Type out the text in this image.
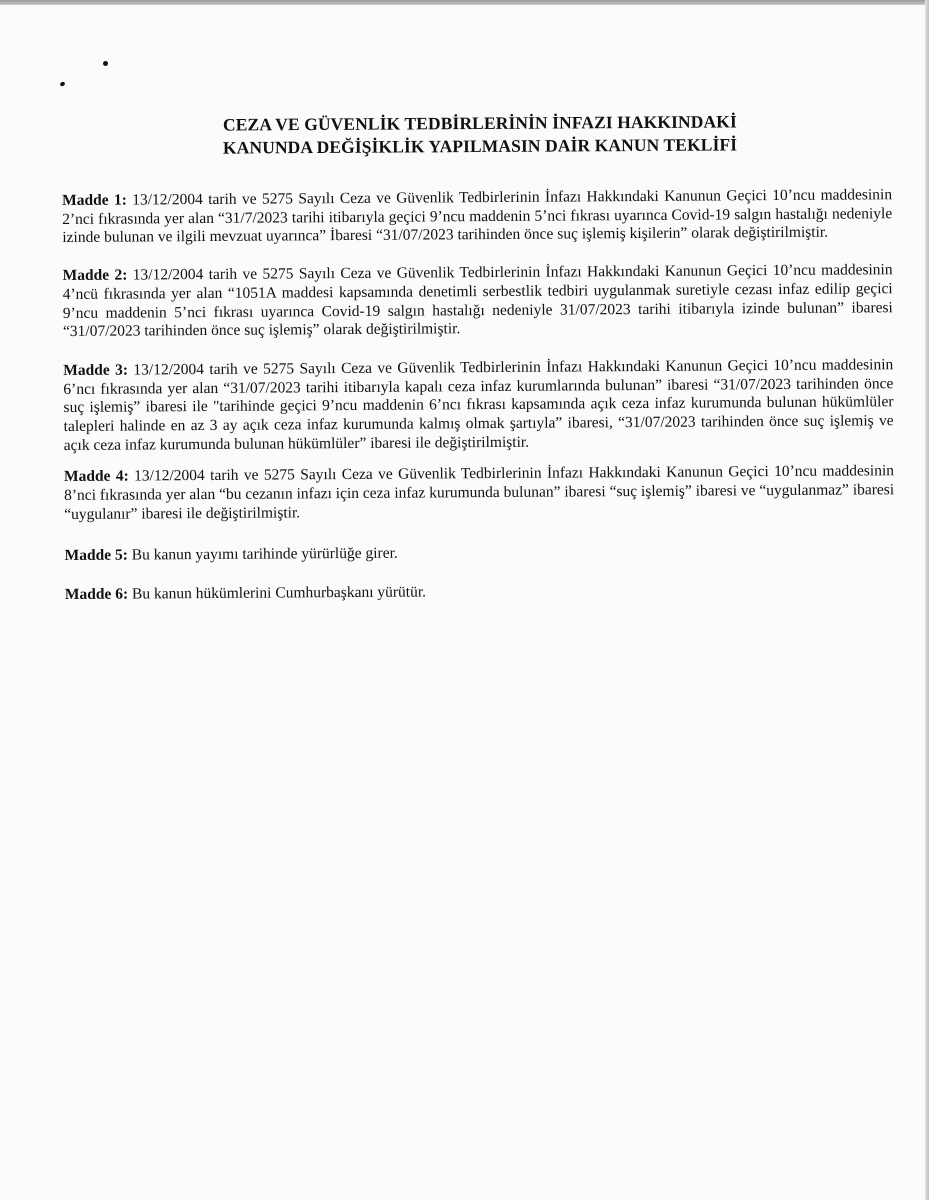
CEZA VE GÜVENLİK TEDBİRLERİNİN İNFAZI HAKKINDAKİ
KANUNDA DEĞİŞİKLİK YAPILMASIN DAİR KANUN TEKLİFİ

Madde 1: 13/12/2004 tarih ve 5275 Sayılı Ceza ve Güvenlik Tedbirlerinin İnfazı Hakkındaki Kanunun Geçici 10’ncu maddesinin 2’nci fıkrasında yer alan “31/7/2023 tarihi itibarıyla geçici 9’ncu maddenin 5’nci fıkrası uyarınca Covid-19 salgın hastalığı nedeniyle izinde bulunan ve ilgili mevzuat uyarınca” İbaresi “31/07/2023 tarihinden önce suç işlemiş kişilerin” olarak değiştirilmiştir.

Madde 2: 13/12/2004 tarih ve 5275 Sayılı Ceza ve Güvenlik Tedbirlerinin İnfazı Hakkındaki Kanunun Geçici 10’ncu maddesinin 4’ncü fıkrasında yer alan “1051A maddesi kapsamında denetimli serbestlik tedbiri uygulanmak suretiyle cezası infaz edilip geçici 9’ncu maddenin 5’nci fıkrası uyarınca Covid-19 salgın hastalığı nedeniyle 31/07/2023 tarihi itibarıyla izinde bulunan” ibaresi “31/07/2023 tarihinden önce suç işlemiş” olarak değiştirilmiştir.

Madde 3: 13/12/2004 tarih ve 5275 Sayılı Ceza ve Güvenlik Tedbirlerinin İnfazı Hakkındaki Kanunun Geçici 10’ncu maddesinin 6’ncı fıkrasında yer alan “31/07/2023 tarihi itibarıyla kapalı ceza infaz kurumlarında bulunan” ibaresi “31/07/2023 tarihinden önce suç işlemiş” ibaresi ile "tarihinde geçici 9’ncu maddenin 6’ncı fıkrası kapsamında açık ceza infaz kurumunda bulunan hükümlüler talepleri halinde en az 3 ay açık ceza infaz kurumunda kalmış olmak şartıyla” ibaresi, “31/07/2023 tarihinden önce suç işlemiş ve açık ceza infaz kurumunda bulunan hükümlüler” ibaresi ile değiştirilmiştir.

Madde 4: 13/12/2004 tarih ve 5275 Sayılı Ceza ve Güvenlik Tedbirlerinin İnfazı Hakkındaki Kanunun Geçici 10’ncu maddesinin 8’nci fıkrasında yer alan “bu cezanın infazı için ceza infaz kurumunda bulunan” ibaresi “suç işlemiş” ibaresi ve “uygulanmaz” ibaresi “uygulanır” ibaresi ile değiştirilmiştir.

Madde 5: Bu kanun yayımı tarihinde yürürlüğe girer.

Madde 6: Bu kanun hükümlerini Cumhurbaşkanı yürütür.
